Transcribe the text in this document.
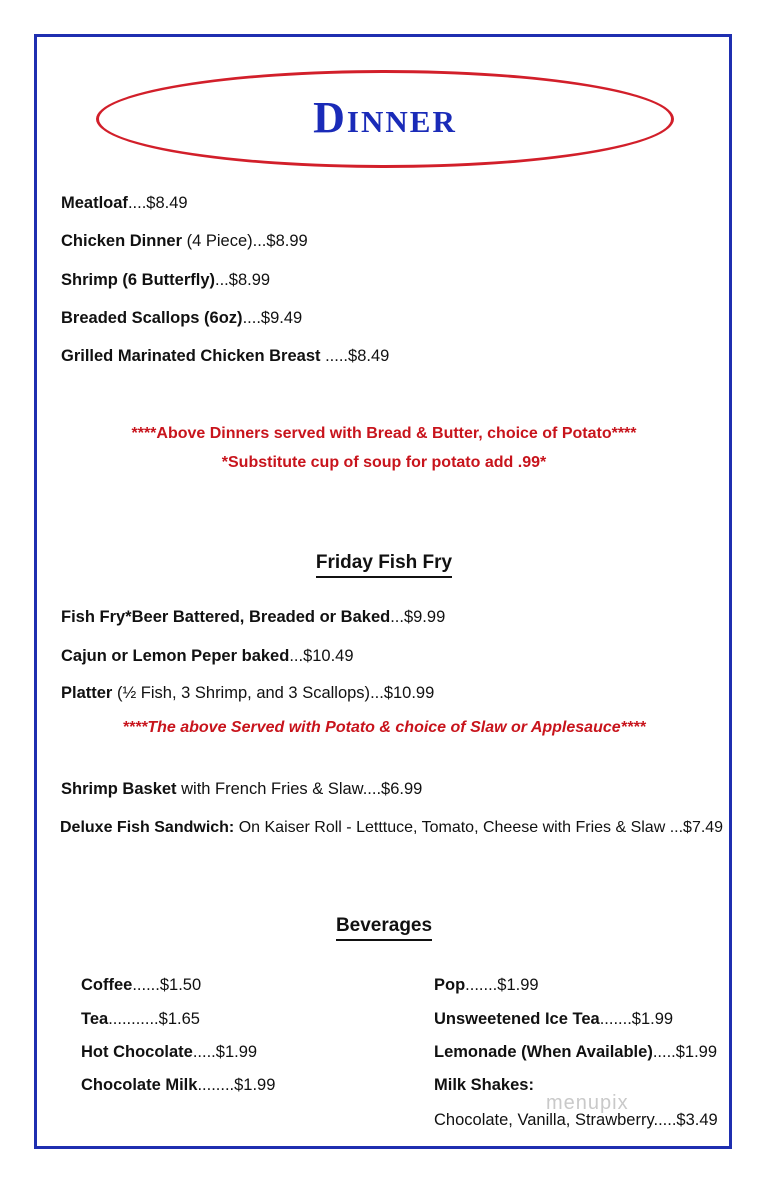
Dinner
Meatloaf....$8.49
Chicken Dinner (4 Piece)...$8.99
Shrimp (6 Butterfly)...$8.99
Breaded Scallops (6oz)....$9.49
Grilled Marinated Chicken Breast .....$8.49
****Above Dinners served with Bread & Butter, choice of Potato****
*Substitute cup of soup for potato add .99*
Friday Fish Fry
Fish Fry*Beer Battered, Breaded or Baked...$9.99
Cajun or Lemon Peper baked...$10.49
Platter (½ Fish, 3 Shrimp, and 3 Scallops)...$10.99
****The above Served with Potato & choice of Slaw or Applesauce****
Shrimp Basket with French Fries & Slaw....$6.99
Deluxe Fish Sandwich: On Kaiser Roll - Letttuce, Tomato, Cheese with Fries & Slaw ...$7.49
Beverages
Coffee......$1.50
Tea...........$1.65
Hot Chocolate.....$1.99
Chocolate Milk........$1.99
Pop.......$1.99
Unsweetened Ice Tea.......$1.99
Lemonade (When Available).....$1.99
Milk Shakes:
Chocolate, Vanilla, Strawberry.....$3.49
menupix
